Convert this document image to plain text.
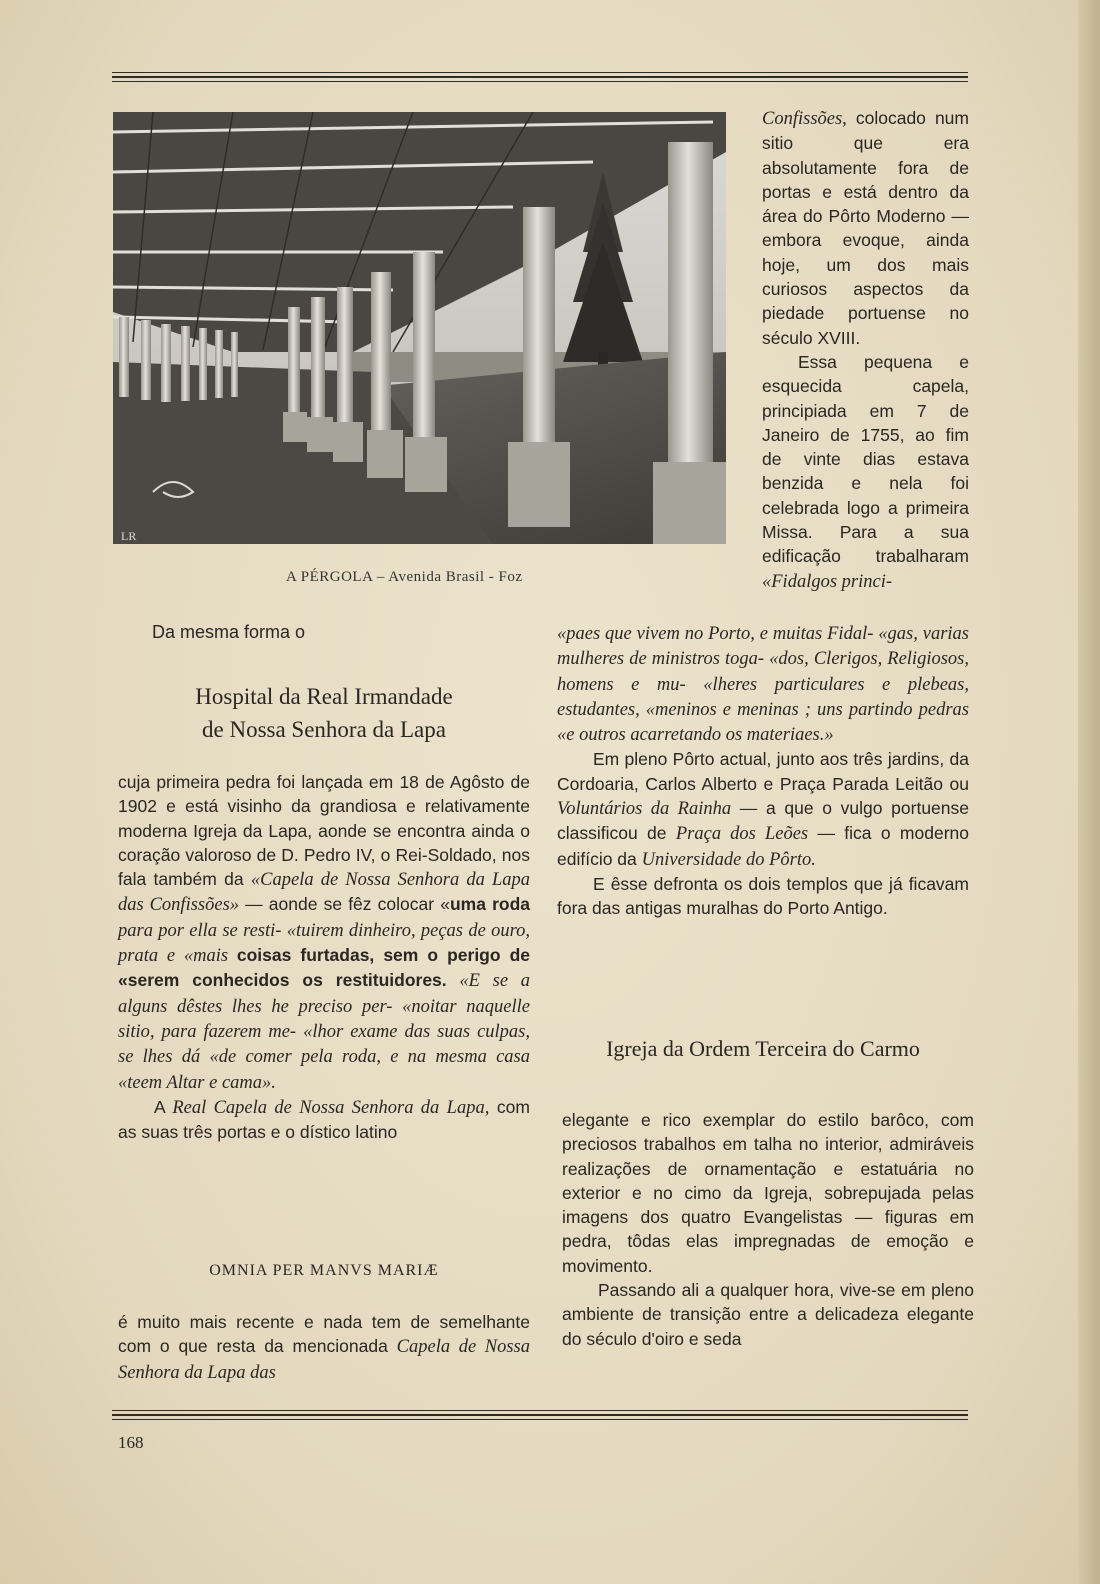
LR
A PÉRGOLA – Avenida Brasil - Foz

Confissões, colocado num sitio que era absolutamente fora de portas e está dentro da área do Pôrto Moderno — embora evoque, ainda hoje, um dos mais curiosos aspectos da piedade portuense no século XVIII.

Essa pequena e esquecida capela, principiada em 7 de Janeiro de 1755, ao fim de vinte dias estava benzida e nela foi celebrada logo a primeira Missa. Para a sua edificação trabalharam «Fidalgos princi-

«paes que vivem no Porto, e muitas Fidal- «gas, varias mulheres de ministros toga- «dos, Clerigos, Religiosos, homens e mu- «lheres particulares e plebeas, estudantes, «meninos e meninas ; uns partindo pedras «e outros acarretando os materiaes.»

Em pleno Pôrto actual, junto aos três jardins, da Cordoaria, Carlos Alberto e Praça Parada Leitão ou Voluntários da Rainha — a que o vulgo portuense classificou de Praça dos Leões — fica o moderno edifício da Universidade do Pôrto.

E êsse defronta os dois templos que já ficavam fora das antigas muralhas do Porto Antigo.

Da mesma forma o
Hospital da Real Irmandade
de Nossa Senhora da Lapa

cuja primeira pedra foi lançada em 18 de Agôsto de 1902 e está visinho da grandiosa e relativamente moderna Igreja da Lapa, aonde se encontra ainda o coração valoroso de D. Pedro IV, o Rei-Soldado, nos fala também da «Capela de Nossa Senhora da Lapa das Confissões» — aonde se fêz colocar «uma roda para por ella se resti- «tuirem dinheiro, peças de ouro, prata e «mais coisas furtadas, sem o perigo de «serem conhecidos os restituidores. «E se a alguns dêstes lhes he preciso per- «noitar naquelle sitio, para fazerem me- «lhor exame das suas culpas, se lhes dá «de comer pela roda, e na mesma casa «teem Altar e cama».

A Real Capela de Nossa Senhora da Lapa, com as suas três portas e o dístico latino

OMNIA PER MANVS MARIÆ

é muito mais recente e nada tem de semelhante com o que resta da mencionada Capela de Nossa Senhora da Lapa das

Igreja da Ordem Terceira do Carmo

elegante e rico exemplar do estilo barôco, com preciosos trabalhos em talha no interior, admiráveis realizações de ornamentação e estatuária no exterior e no cimo da Igreja, sobrepujada pelas imagens dos quatro Evangelistas — figuras em pedra, tôdas elas impregnadas de emoção e movimento.

Passando ali a qualquer hora, vive-se em pleno ambiente de transição entre a delicadeza elegante do século d'oiro e seda

168
